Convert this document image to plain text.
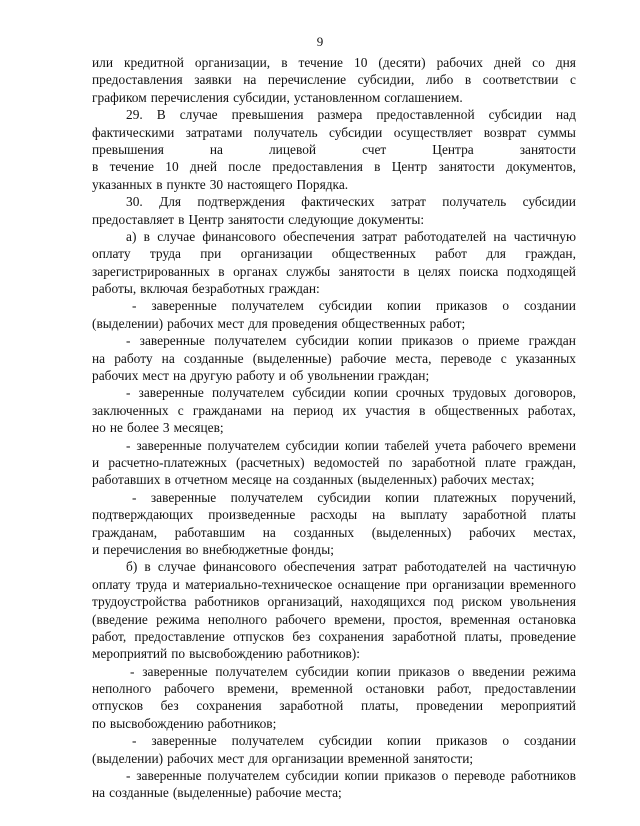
9
или кредитной организации, в течение 10 (десяти) рабочих дней со дня
предоставления заявки на перечисление субсидии, либо в соответствии с
графиком перечисления субсидии, установленном соглашением.
29. В случае превышения размера предоставленной субсидии над
фактическими затратами получатель субсидии осуществляет возврат суммы
превышения	на	лицевой	счет	Центра	занятости
в течение 10 дней после предоставления в Центр занятости документов,
указанных в пункте 30 настоящего Порядка.
30. Для подтверждения фактических затрат получатель субсидии
предоставляет в Центр занятости следующие документы:
а) в случае финансового обеспечения затрат работодателей на частичную
оплату труда при организации общественных работ для граждан,
зарегистрированных в органах службы занятости в целях поиска подходящей
работы, включая безработных граждан:
- заверенные получателем субсидии копии приказов о создании
(выделении) рабочих мест для проведения общественных работ;
- заверенные получателем субсидии копии приказов о приеме граждан
на работу на созданные (выделенные) рабочие места, переводе с указанных
рабочих мест на другую работу и об увольнении граждан;
- заверенные получателем субсидии копии срочных трудовых договоров,
заключенных с гражданами на период их участия в общественных работах,
но не более 3 месяцев;
- заверенные получателем субсидии копии табелей учета рабочего времени
и расчетно-платежных (расчетных) ведомостей по заработной плате граждан,
работавших в отчетном месяце на созданных (выделенных) рабочих местах;
- заверенные получателем субсидии копии платежных поручений,
подтверждающих произведенные расходы на выплату заработной платы
гражданам, работавшим на созданных (выделенных) рабочих местах,
и перечисления во внебюджетные фонды;
б) в случае финансового обеспечения затрат работодателей на частичную
оплату труда и материально-техническое оснащение при организации временного
трудоустройства работников организаций, находящихся под риском увольнения
(введение режима неполного рабочего времени, простоя, временная остановка
работ, предоставление отпусков без сохранения заработной платы, проведение
мероприятий по высвобождению работников):
- заверенные получателем субсидии копии приказов о введении режима
неполного рабочего времени, временной остановки работ, предоставлении
отпусков без сохранения заработной платы, проведении мероприятий
по высвобождению работников;
- заверенные получателем субсидии копии приказов о создании
(выделении) рабочих мест для организации временной занятости;
- заверенные получателем субсидии копии приказов о переводе работников
на созданные (выделенные) рабочие места;
